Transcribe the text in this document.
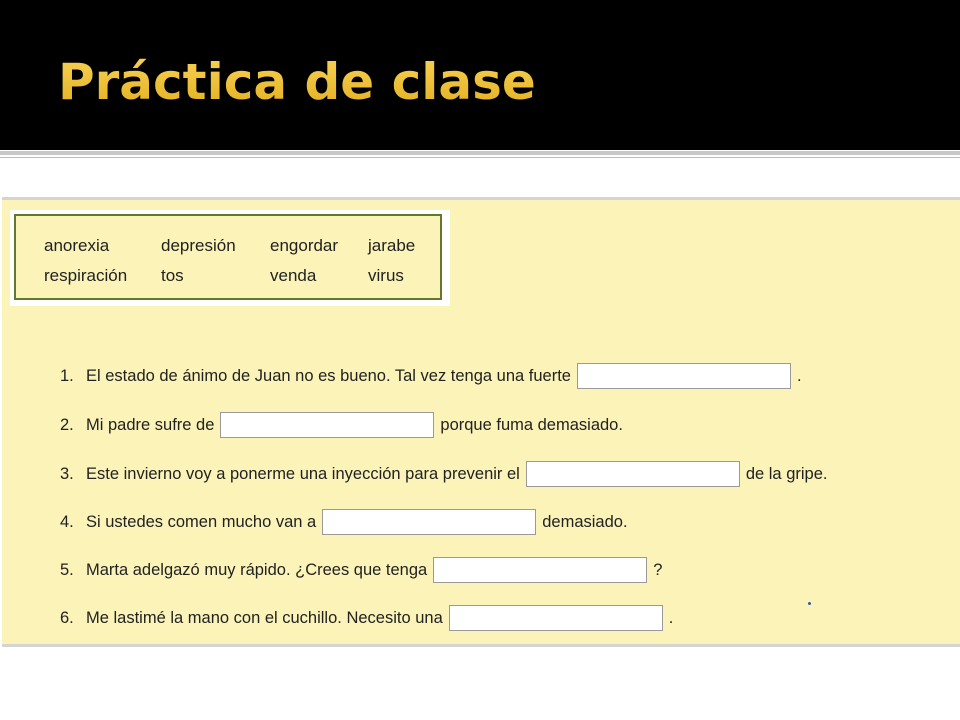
Práctica de clase
anorexia	depresión engordar jarabe
respiración tos	venda	virus
1. El estado de ánimo de Juan no es bueno. Tal vez tenga una fuerte	.
2. Mi padre sufre de	porque fuma demasiado.
3. Este invierno voy a ponerme una inyección para prevenir el	de la gripe.
4. Si ustedes comen mucho van a	demasiado.
5. Marta adelgazó muy rápido. ¿Crees que tenga	?
6. Me lastimé la mano con el cuchillo. Necesito una	.
